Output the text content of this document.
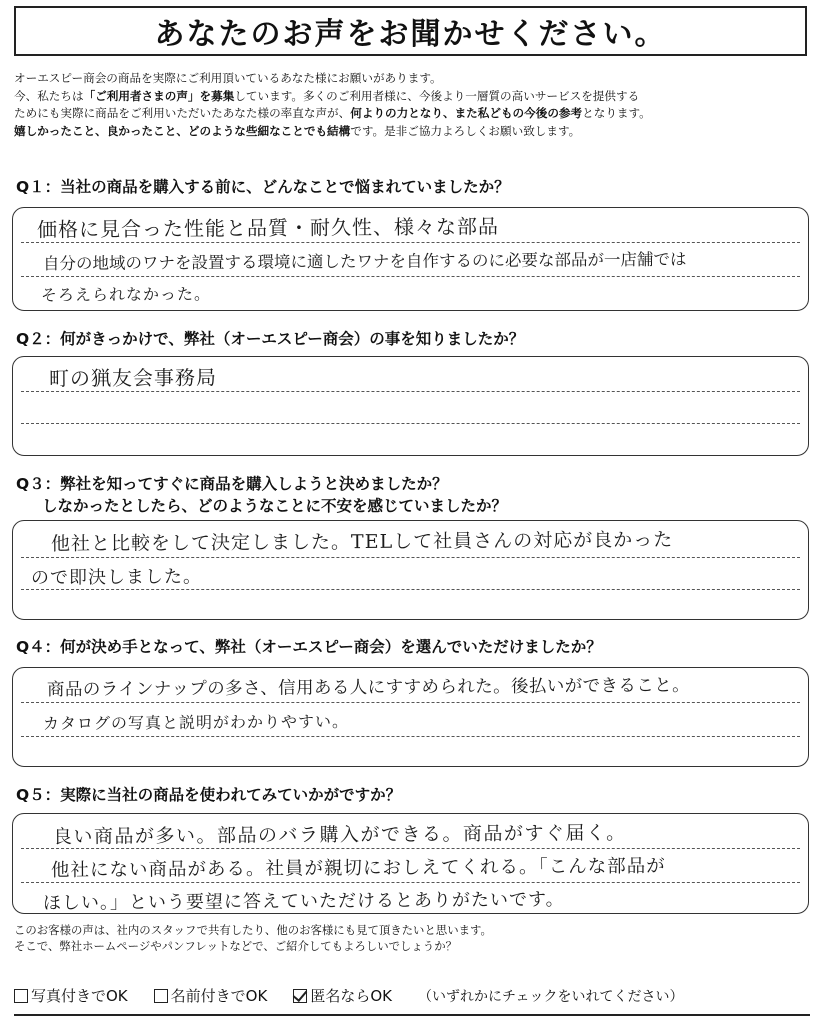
あなたのお声をお聞かせください。
オーエスピー商会の商品を実際にご利用頂いているあなた様にお願いがあります。
今、私たちは「ご利用者さまの声」を募集しています。多くのご利用者様に、今後より一層質の高いサービスを提供する
ためにも実際に商品をご利用いただいたあなた様の率直な声が、何よりの力となり、また私どもの今後の参考となります。
嬉しかったこと、良かったこと、どのような些細なことでも結構です。是非ご協力よろしくお願い致します。
Q１：当社の商品を購入する前に、どんなことで悩まれていましたか？
価格に見合った性能と品質・耐久性、様々な部品
自分の地域のワナを設置する環境に適したワナを自作するのに必要な部品が一店舗では
そろえられなかった。
Q２：何がきっかけで、弊社（オーエスピー商会）の事を知りましたか？
町の猟友会事務局
Q３：弊社を知ってすぐに商品を購入しようと決めましたか？
しなかったとしたら、どのようなことに不安を感じていましたか？
他社と比較をして決定しました。TELして社員さんの対応が良かった
ので即決しました。
Q４：何が決め手となって、弊社（オーエスピー商会）を選んでいただけましたか？
商品のラインナップの多さ、信用ある人にすすめられた。後払いができること。
カタログの写真と説明がわかりやすい。
Q５：実際に当社の商品を使われてみていかがですか？
良い商品が多い。部品のバラ購入ができる。商品がすぐ届く。
他社にない商品がある。社員が親切におしえてくれる。「こんな部品が
ほしい。」という要望に答えていただけるとありがたいです。
このお客様の声は、社内のスタッフで共有したり、他のお客様にも見て頂きたいと思います。
そこで、弊社ホームページやパンフレットなどで、ご紹介してもよろしいでしょうか？
写真付きでOK	名前付きでOK	匿名ならOK （いずれかにチェックをいれてください）
